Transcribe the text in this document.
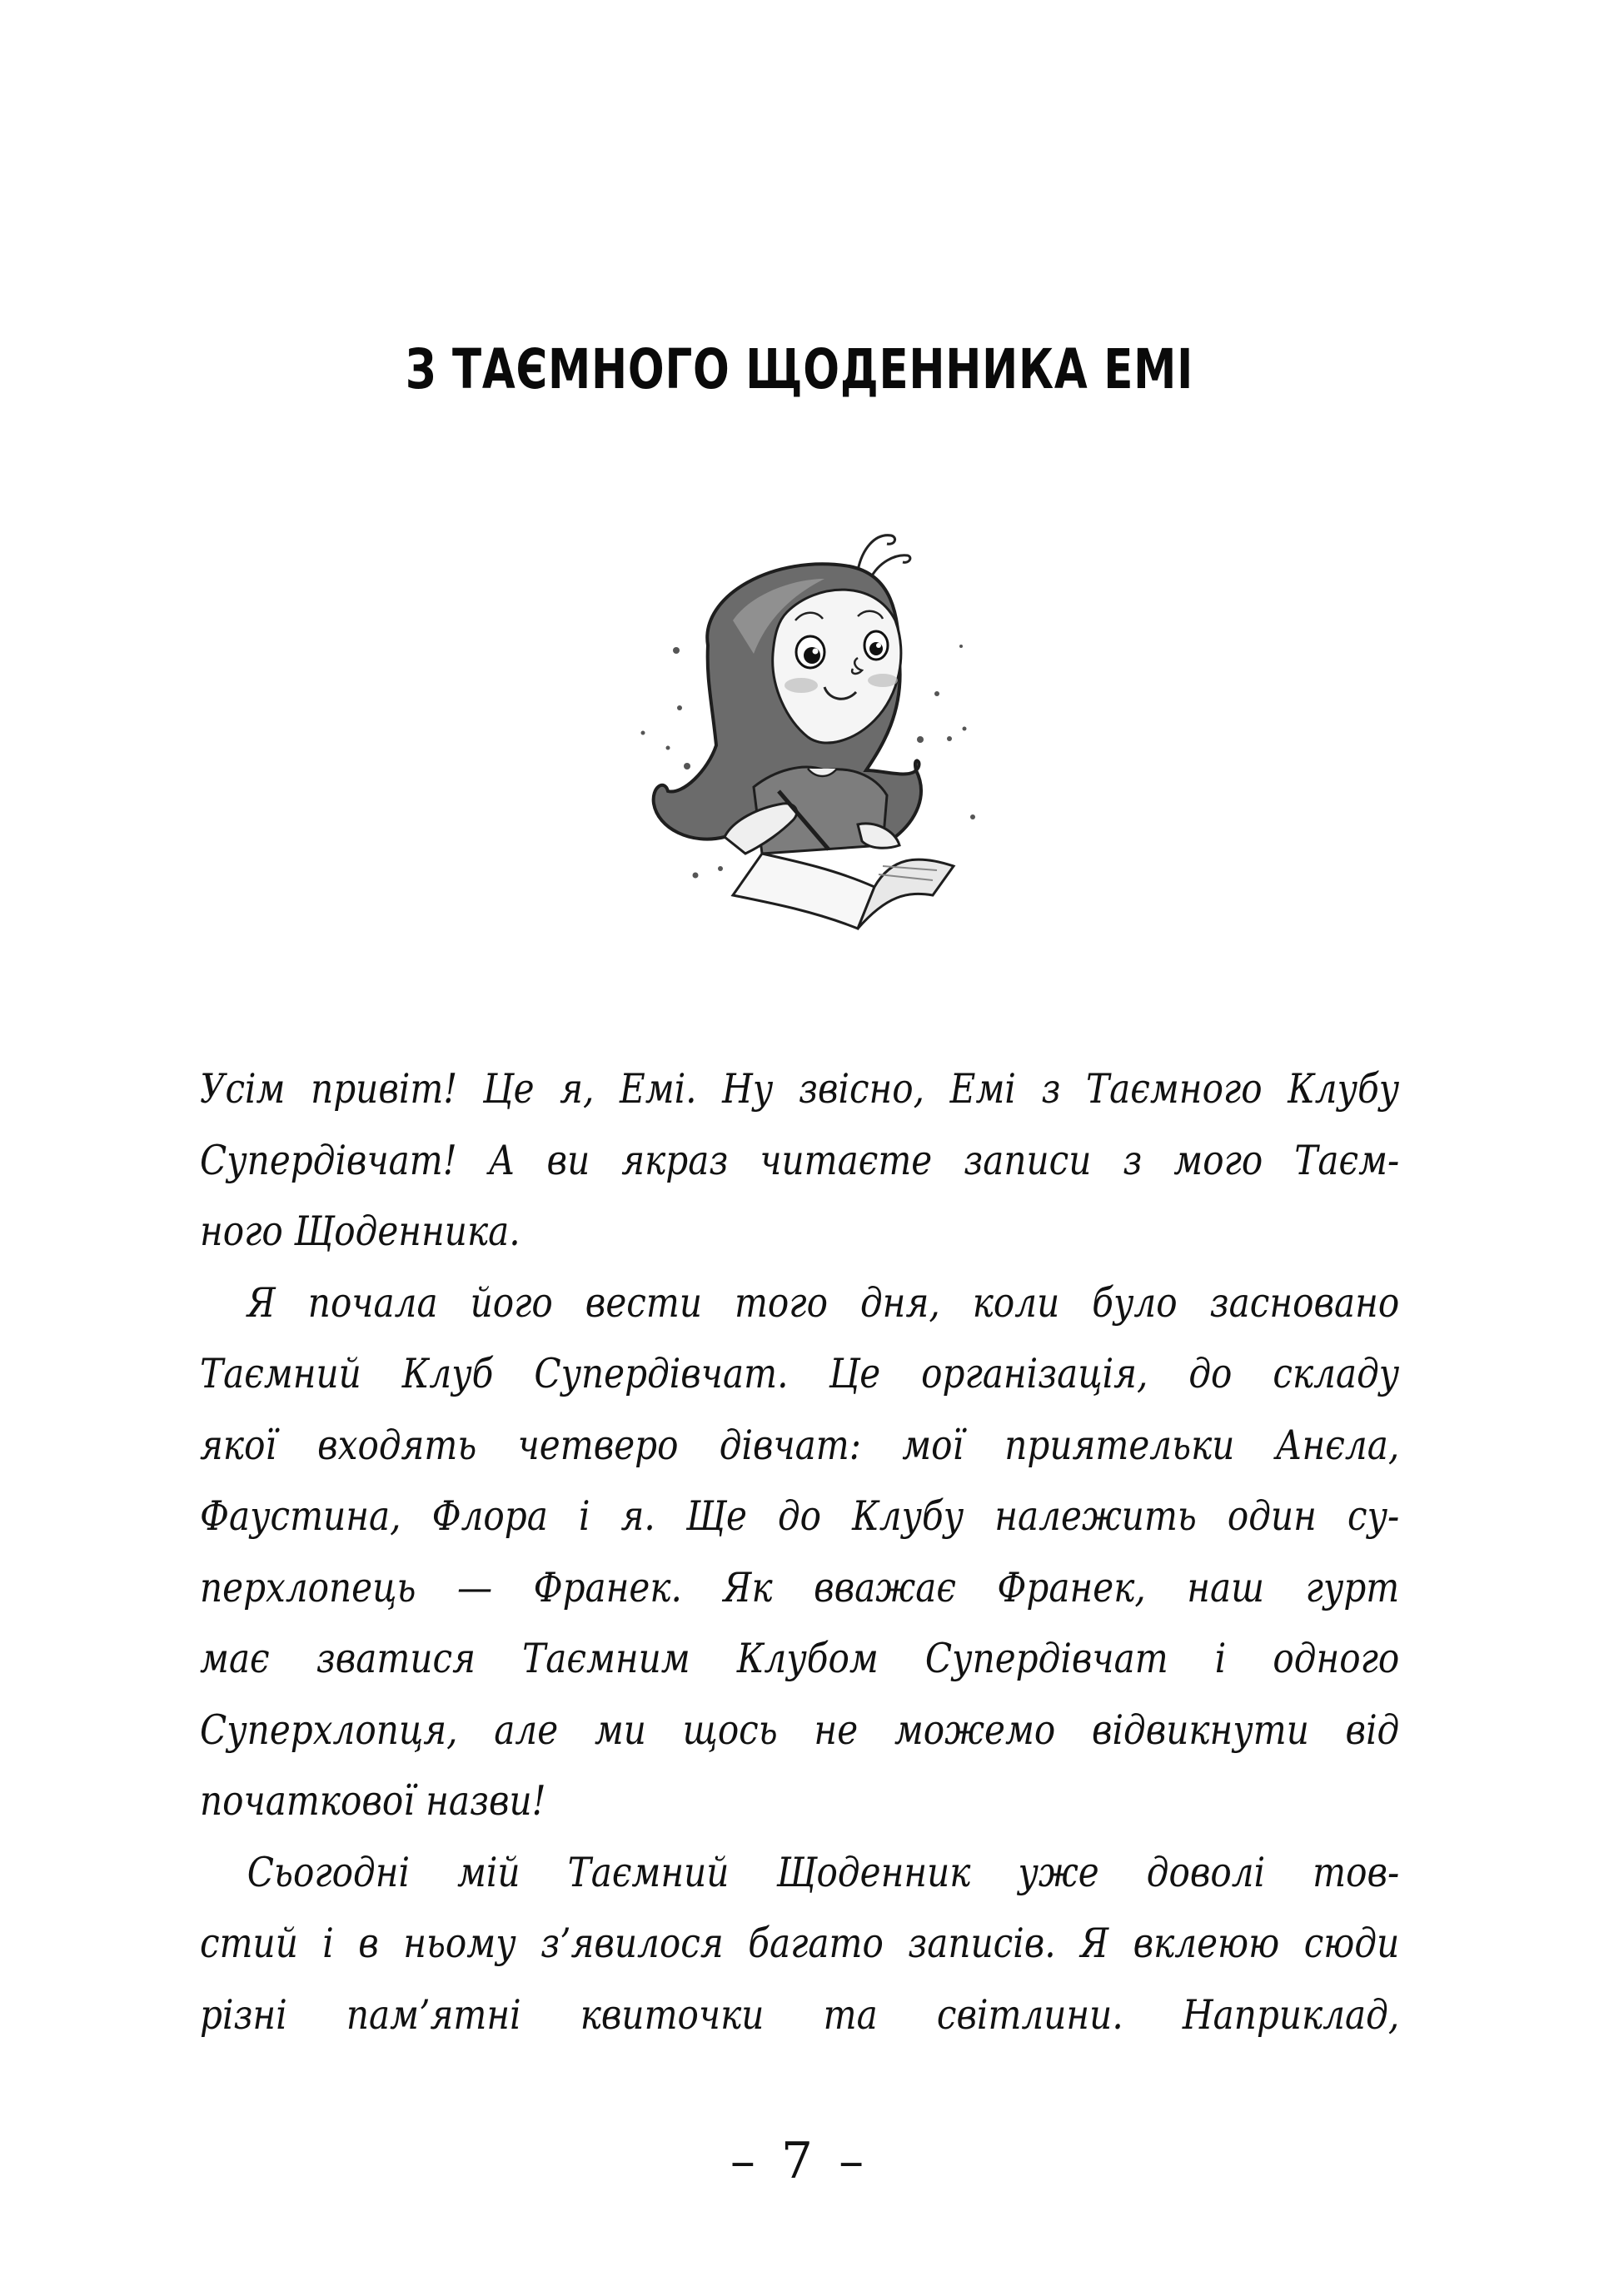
З ТАЄМНОГО ЩОДЕННИКА ЕМІ
Усім привіт! Це я, Емі. Ну звісно, Емі з Таємного Клубу
Супердівчат! А ви якраз читаєте записи з мого Таєм-
ного Щоденника.
Я почала його вести того дня, коли було засновано
Таємний Клуб Супердівчат. Це організація, до складу
якої входять четверо дівчат: мої приятельки Анєла,
Фаустина, Флора і я. Ще до Клубу належить один су-
перхлопець — Франек. Як вважає Франек, наш гурт
має зватися Таємним Клубом Супердівчат і одного
Суперхлопця, але ми щось не можемо відвикнути від
початкової назви!
Сьогодні мій Таємний Щоденник уже доволі тов-
стий і в ньому з’явилося багато записів. Я вклеюю сюди
різні пам’ятні квиточки та світлини. Наприклад,
– 7 –
